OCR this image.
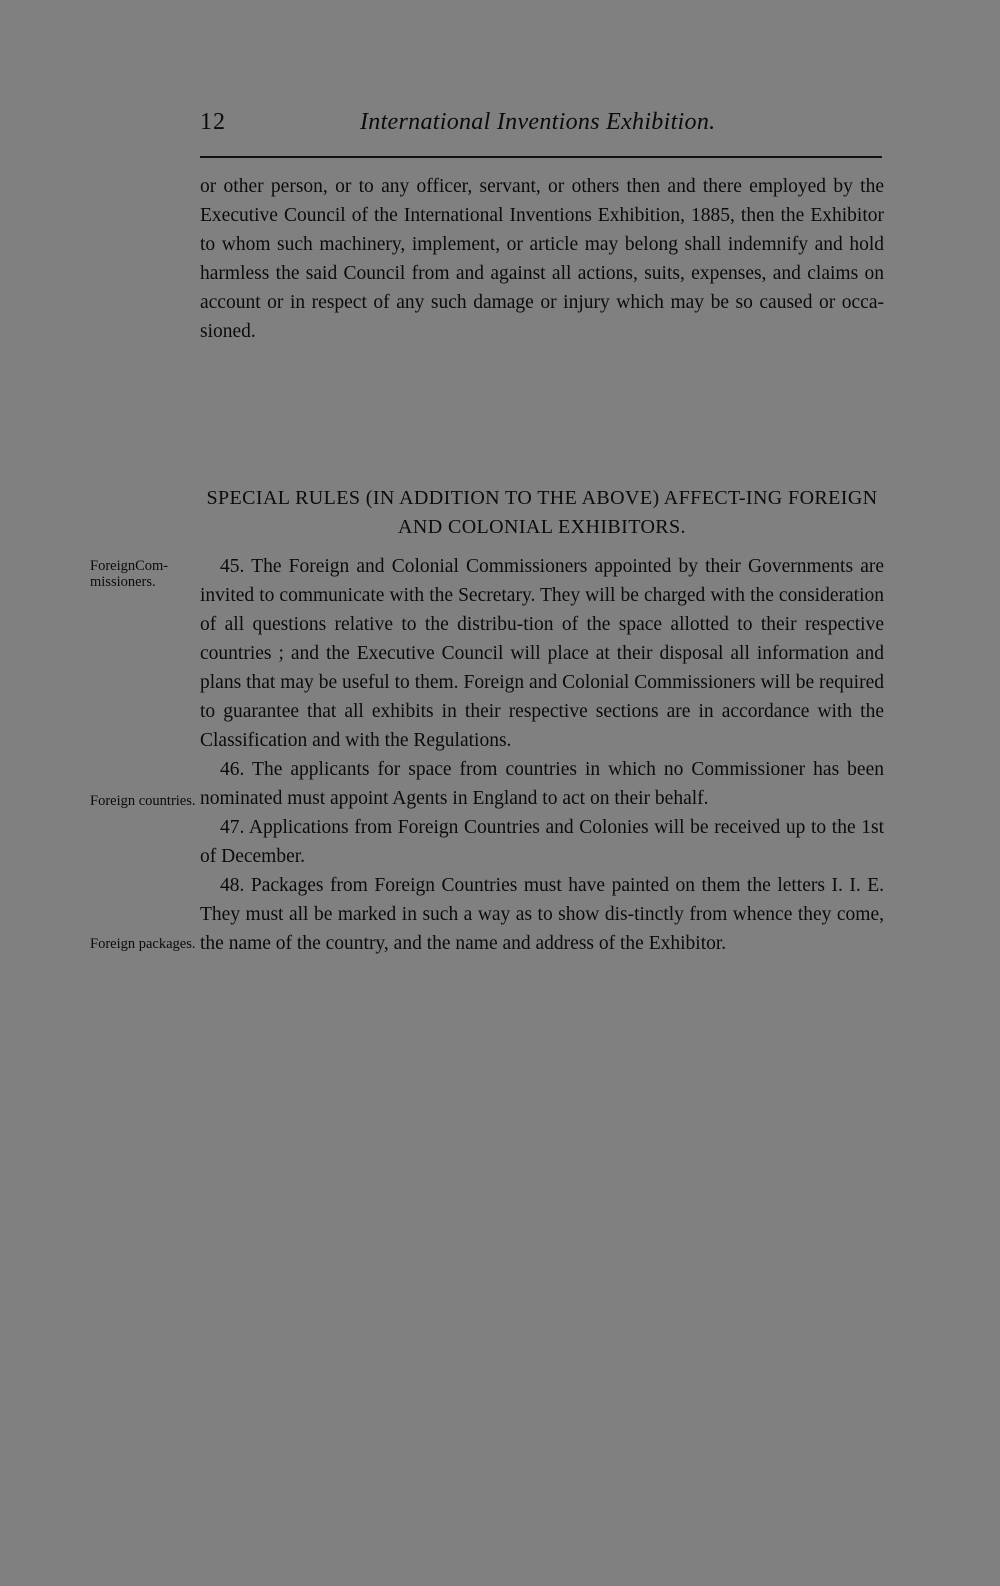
12	International Inventions Exhibition.

or other person, or to any officer, servant, or others then and there employed by the Executive Council of the International Inventions Exhibition, 1885, then the Exhibitor to whom such machinery, implement, or article may belong shall indemnify and hold harmless the said Council from and against all actions, suits, expenses, and claims on account or in respect of any such damage or injury which may be so caused or occa-sioned.

SPECIAL RULES (IN ADDITION TO THE ABOVE) AFFECT-ING FOREIGN AND COLONIAL EXHIBITORS.
ForeignCom-missioners.
Foreign countries.
Foreign packages.

45. The Foreign and Colonial Commissioners appointed by their Governments are invited to communicate with the Secretary. They will be charged with the consideration of all questions relative to the distribu-tion of the space allotted to their respective countries ; and the Executive Council will place at their disposal all information and plans that may be useful to them. Foreign and Colonial Commissioners will be required to guarantee that all exhibits in their respective sections are in accordance with the Classification and with the Regulations.

46. The applicants for space from countries in which no Commissioner has been nominated must appoint Agents in England to act on their behalf.

47. Applications from Foreign Countries and Colonies will be received up to the 1st of December.

48. Packages from Foreign Countries must have painted on them the letters I. I. E. They must all be marked in such a way as to show dis-tinctly from whence they come, the name of the country, and the name and address of the Exhibitor.
